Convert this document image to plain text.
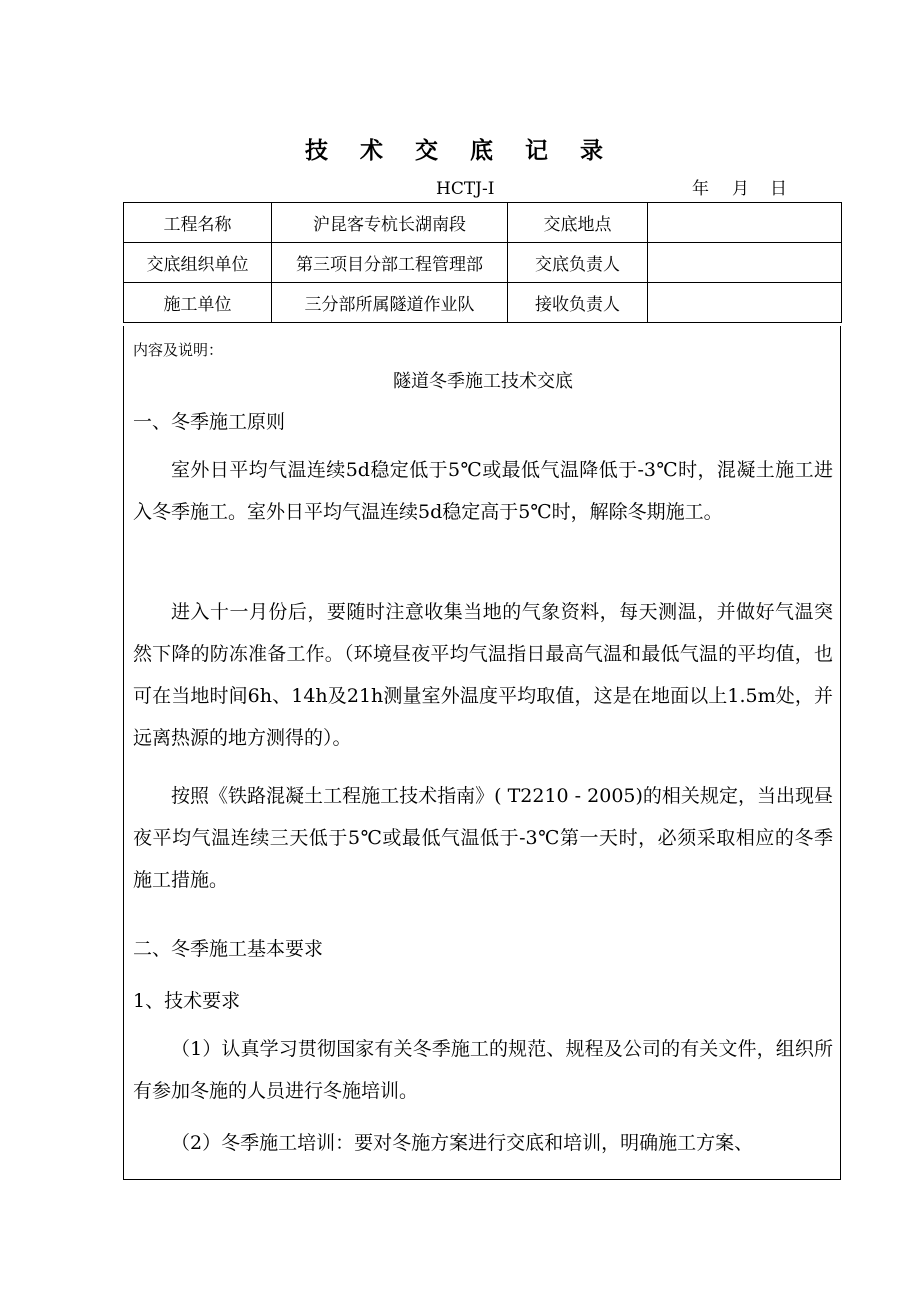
技 术 交 底 记 录
HCTJ-Ⅰ	年 月 日
工程名称	沪昆客专杭长湖南段	交底地点	
交底组织单位	第三项目分部工程管理部	交底负责人	
施工单位	三分部所属隧道作业队	接收负责人	
内容及说明：
隧道冬季施工技术交底
一、冬季施工原则
室外日平均气温连续5d稳定低于5℃或最低气温降低于-3℃时，混凝土施工进入冬季施工。室外日平均气温连续5d稳定高于5℃时，解除冬期施工。
进入十一月份后，要随时注意收集当地的气象资料，每天测温，并做好气温突然下降的防冻准备工作。（环境昼夜平均气温指日最高气温和最低气温的平均值，也可在当地时间6h、14h及21h测量室外温度平均取值，这是在地面以上1.5m处，并远离热源的地方测得的）。
按照《铁路混凝土工程施工技术指南》( T2210 - 2005)的相关规定，当出现昼夜平均气温连续三天低于5℃或最低气温低于-3℃第一天时，必须采取相应的冬季施工措施。
二、冬季施工基本要求
1、技术要求
（1）认真学习贯彻国家有关冬季施工的规范、规程及公司的有关文件，组织所有参加冬施的人员进行冬施培训。
（2）冬季施工培训：要对冬施方案进行交底和培训，明确施工方案、
